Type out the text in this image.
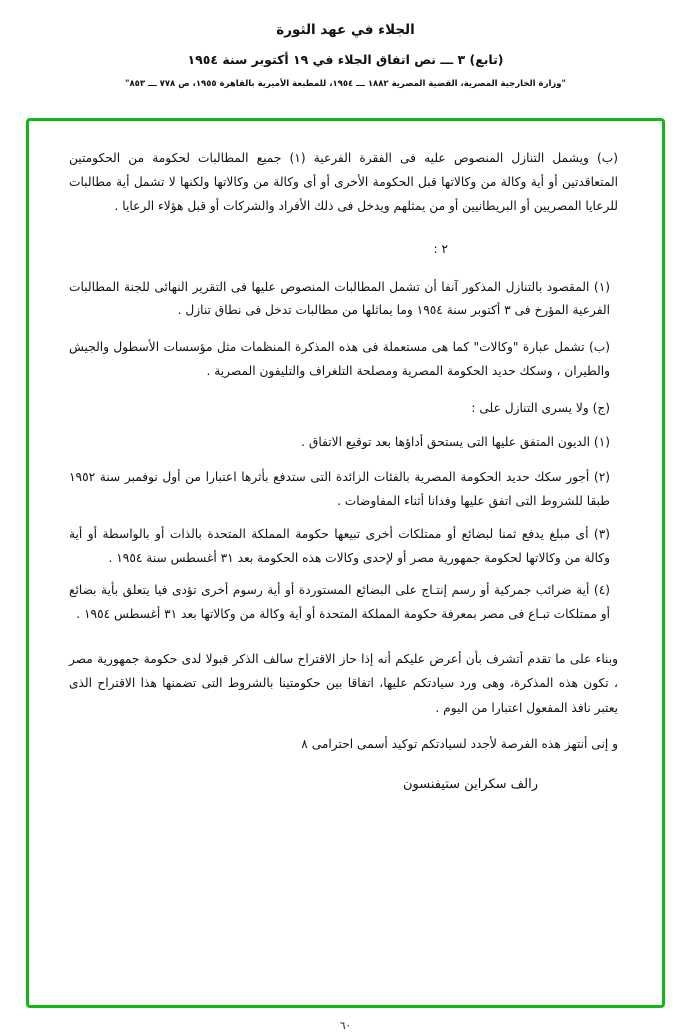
الجلاء في عهد الثورة
(تابع) ٣ ـــ نص اتفاق الجلاء في ١٩ أكتوبر سنة ١٩٥٤
"وزارة الخارجية المصرية، القضية المصرية ١٨٨٢ ـــ ١٩٥٤، للمطبعة الأميرية بالقاهرة ١٩٥٥، ص ٧٧٨ ـــ ٨٥٣"
(ب) ويشمل التنازل المنصوص عليه فى الفقرة الفرعية (١) جميع المطالبات لحكومة من الحكومتين المتعاقدتين أو أية وكالة من وكالاتها قبل الحكومة الأخرى أو أى وكالة من وكالاتها ولكنها لا تشمل أية مطالبات للرعايا المصريين أو البريطانيين أو من يمثلهم ويدخل فى ذلك الأفراد والشركات أو قبل هؤلاء الرعايا .
٢ :
(١) المقصود بالتنازل المذكور آنفا أن تشمل المطالبات المنصوص عليها فى التقرير النهائى للجنة المطالبات الفرعية المؤرخ فى ٣ أكتوبر سنة ١٩٥٤ وما يماثلها من مطالبات تدخل فى نطاق تنازل .
(ب) تشمل عبارة "وكالات" كما هى مستعملة فى هذه المذكرة المنظمات مثل مؤسسات الأسطول والجيش والطيران ، وسكك حديد الحكومة المصرية ومصلحة التلغراف والتليفون المصرية .
(ج) ولا يسرى التنازل على :
(١) الديون المتفق عليها التى يستحق أداؤها بعد توقيع الاتفاق .
(٢) أجور سكك حديد الحكومة المصرية بالفئات الزائدة التى ستدفع بأثرها اعتبارا من أول نوفمبر سنة ١٩٥٢ طبقا للشروط التى اتفق عليها وفدانا أثناء المفاوضات .
(٣) أى مبلغ يدفع ثمنا لبضائع أو ممتلكات أخرى تبيعها حكومة المملكة المتحدة بالذات أو بالواسطة أو أية وكالة من وكالاتها لحكومة جمهورية مصر أو لإحدى وكالات هذه الحكومة بعد ٣١ أغسطس سنة ١٩٥٤ .
(٤) أية ضرائب جمركية أو رسم إنتـاج على البضائع المستوردة أو أية رسوم أخرى تؤدى فيا يتعلق بأية بضائع أو ممتلكات تبـاع فى مصر بمعرفة حكومة المملكة المتحدة أو أية وكالة من وكالاتها بعد ٣١ أغسطس ١٩٥٤ .
وبناء على ما تقدم أتشرف بأن أعرض عليكم أنه إذا حاز الاقتراح سالف الذكر قبولا لدى حكومة جمهورية مصر ، تكون هذه المذكرة، وهى ورد سيادتكم عليها، اتفاقا بين حكومتينا بالشروط التى تضمنها هذا الاقتراح الذى يعتبر نافذ المفعول اعتبارا من اليوم .
و إنى أنتهز هذه الفرصة لأجدد لسيادتكم توكيد أسمى احترامى ٨
رالف سكراين ستيفنسون
٦٠
